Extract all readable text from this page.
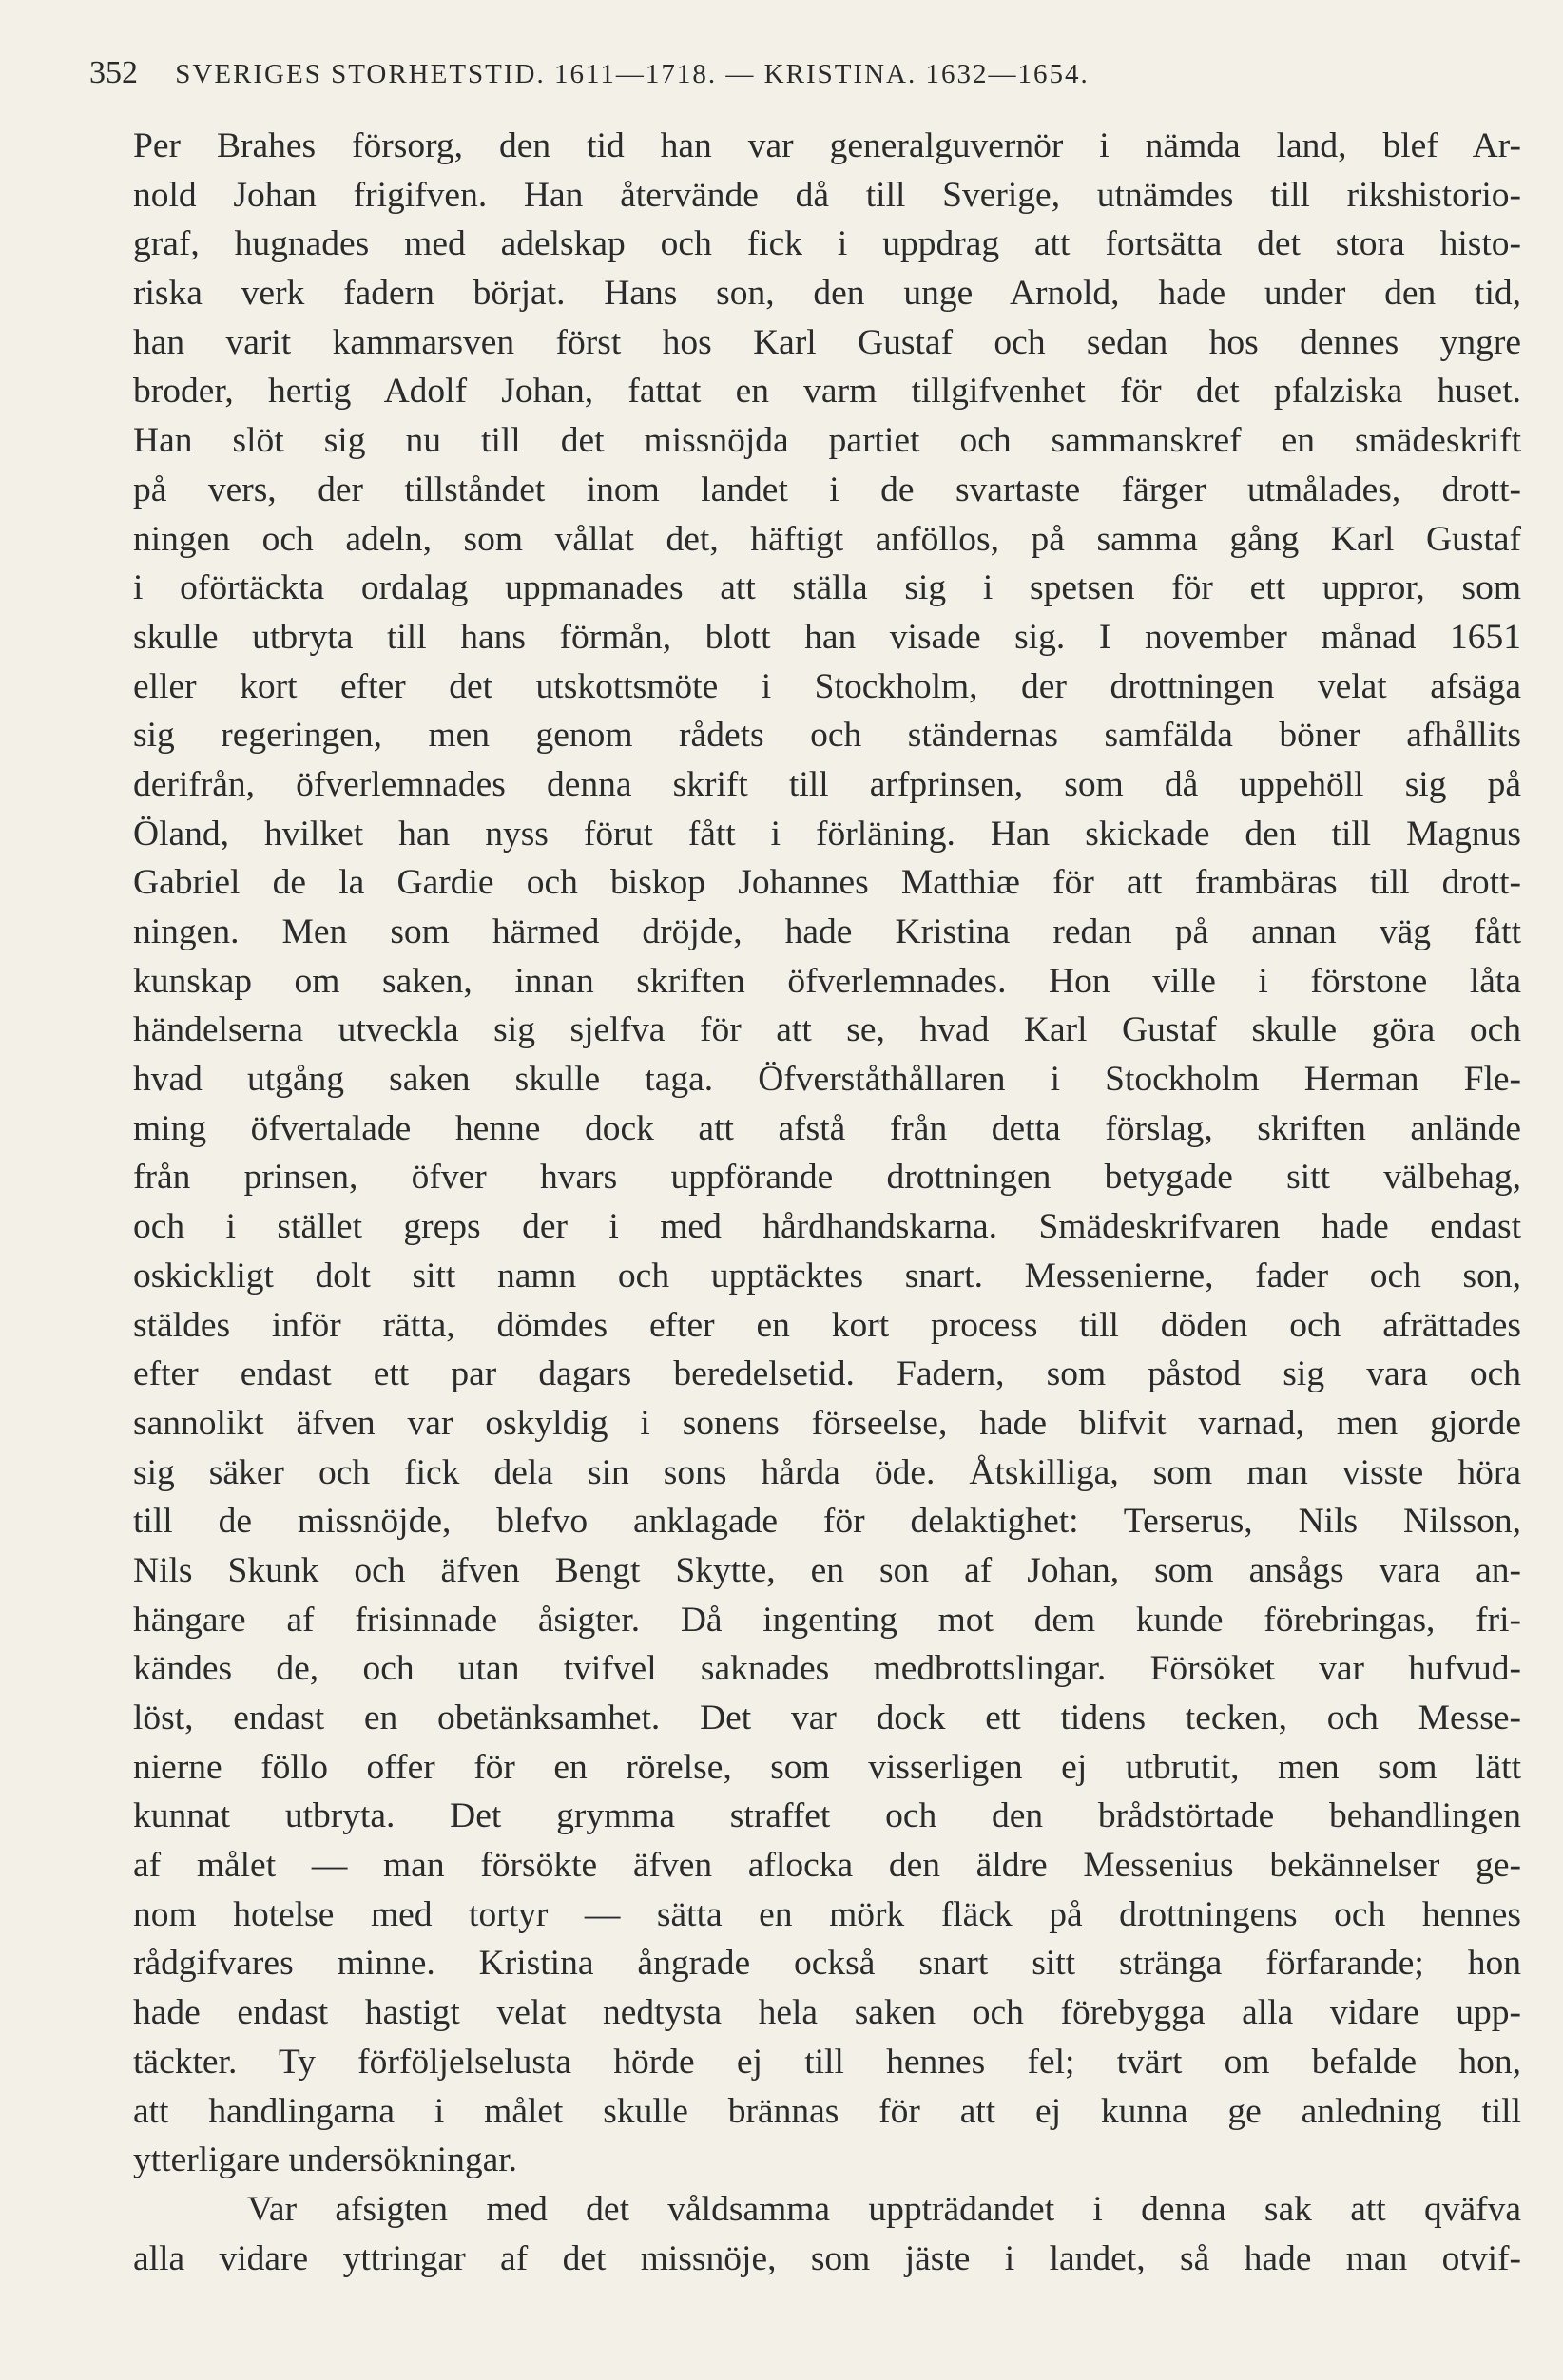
352 SVERIGES STORHETSTID. 1611—1718. — KRISTINA. 1632—1654.
Per Brahes försorg, den tid han var generalguvernör i nämda land, blef Ar-
nold Johan frigifven. Han återvände då till Sverige, utnämdes till rikshistorio-
graf, hugnades med adelskap och fick i uppdrag att fortsätta det stora histo-
riska verk fadern börjat. Hans son, den unge Arnold, hade under den tid,
han varit kammarsven först hos Karl Gustaf och sedan hos dennes yngre
broder, hertig Adolf Johan, fattat en varm tillgifvenhet för det pfalziska huset.
Han slöt sig nu till det missnöjda partiet och sammanskref en smädeskrift
på vers, der tillståndet inom landet i de svartaste färger utmålades, drott-
ningen och adeln, som vållat det, häftigt anföllos, på samma gång Karl Gustaf
i oförtäckta ordalag uppmanades att ställa sig i spetsen för ett uppror, som
skulle utbryta till hans förmån, blott han visade sig. I november månad 1651
eller kort efter det utskottsmöte i Stockholm, der drottningen velat afsäga
sig regeringen, men genom rådets och ständernas samfälda böner afhållits
derifrån, öfverlemnades denna skrift till arfprinsen, som då uppehöll sig på
Öland, hvilket han nyss förut fått i förläning. Han skickade den till Magnus
Gabriel de la Gardie och biskop Johannes Matthiæ för att frambäras till drott-
ningen. Men som härmed dröjde, hade Kristina redan på annan väg fått
kunskap om saken, innan skriften öfverlemnades. Hon ville i förstone låta
händelserna utveckla sig sjelfva för att se, hvad Karl Gustaf skulle göra och
hvad utgång saken skulle taga. Öfverståthållaren i Stockholm Herman Fle-
ming öfvertalade henne dock att afstå från detta förslag, skriften anlände
från prinsen, öfver hvars uppförande drottningen betygade sitt välbehag,
och i stället greps der i med hårdhandskarna. Smädeskrifvaren hade endast
oskickligt dolt sitt namn och upptäcktes snart. Messenierne, fader och son,
stäldes inför rätta, dömdes efter en kort process till döden och afrättades
efter endast ett par dagars beredelsetid. Fadern, som påstod sig vara och
sannolikt äfven var oskyldig i sonens förseelse, hade blifvit varnad, men gjorde
sig säker och fick dela sin sons hårda öde. Åtskilliga, som man visste höra
till de missnöjde, blefvo anklagade för delaktighet: Terserus, Nils Nilsson,
Nils Skunk och äfven Bengt Skytte, en son af Johan, som ansågs vara an-
hängare af frisinnade åsigter. Då ingenting mot dem kunde förebringas, fri-
kändes de, och utan tvifvel saknades medbrottslingar. Försöket var hufvud-
löst, endast en obetänksamhet. Det var dock ett tidens tecken, och Messe-
nierne föllo offer för en rörelse, som visserligen ej utbrutit, men som lätt
kunnat utbryta. Det grymma straffet och den brådstörtade behandlingen
af målet — man försökte äfven aflocka den äldre Messenius bekännelser ge-
nom hotelse med tortyr — sätta en mörk fläck på drottningens och hennes
rådgifvares minne. Kristina ångrade också snart sitt stränga förfarande; hon
hade endast hastigt velat nedtysta hela saken och förebygga alla vidare upp-
täckter. Ty förföljelselusta hörde ej till hennes fel; tvärt om befalde hon,
att handlingarna i målet skulle brännas för att ej kunna ge anledning till
ytterligare undersökningar.
Var afsigten med det våldsamma uppträdandet i denna sak att qväfva
alla vidare yttringar af det missnöje, som jäste i landet, så hade man otvif-
